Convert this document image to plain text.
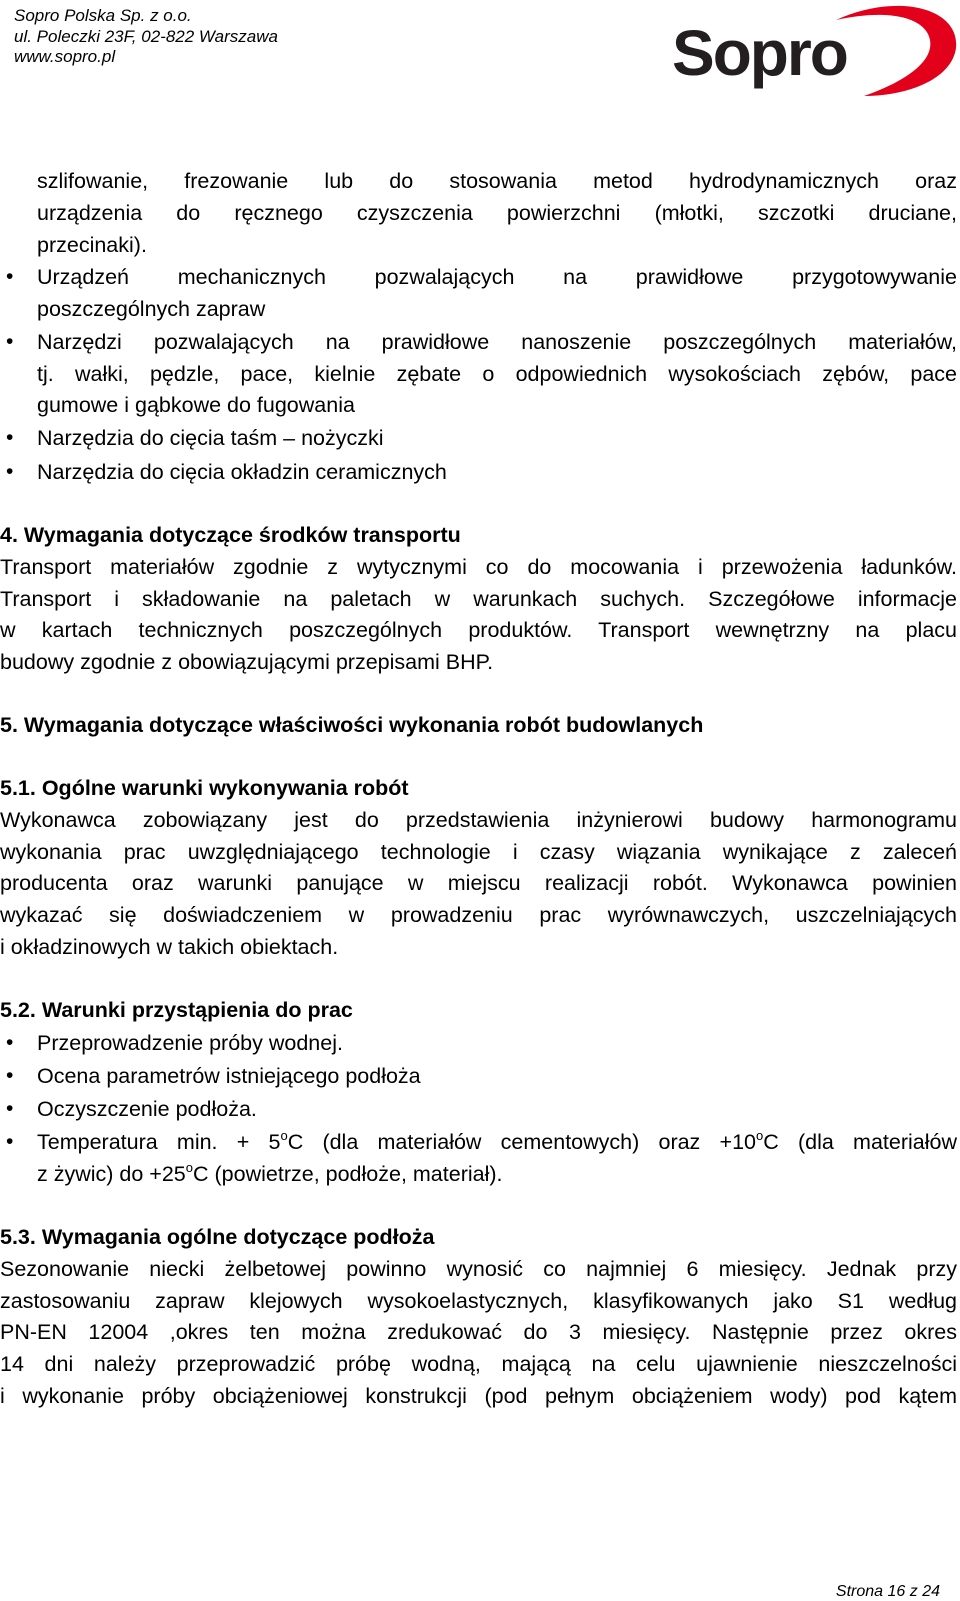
Sopro Polska Sp. z o.o.
ul. Poleczki 23F, 02-822 Warszawa
www.sopro.pl	Sopro
szlifowanie, frezowanie lub do stosowania metod hydrodynamicznych oraz
urządzenia do ręcznego czyszczenia powierzchni (młotki, szczotki druciane,
przecinaki).
• Urządzeń mechanicznych pozwalających na prawidłowe przygotowywanie
poszczególnych zapraw
• Narzędzi pozwalających na prawidłowe nanoszenie poszczególnych materiałów,
tj. wałki, pędzle, pace, kielnie zębate o odpowiednich wysokościach zębów, pace
gumowe i gąbkowe do fugowania
• Narzędzia do cięcia taśm – nożyczki
• Narzędzia do cięcia okładzin ceramicznych
4. Wymagania dotyczące środków transportu
Transport materiałów zgodnie z wytycznymi co do mocowania i przewożenia ładunków.
Transport i składowanie na paletach w warunkach suchych. Szczegółowe informacje
w kartach technicznych poszczególnych produktów. Transport wewnętrzny na placu
budowy zgodnie z obowiązującymi przepisami BHP.
5. Wymagania dotyczące właściwości wykonania robót budowlanych
5.1. Ogólne warunki wykonywania robót
Wykonawca zobowiązany jest do przedstawienia inżynierowi budowy harmonogramu
wykonania prac uwzględniającego technologie i czasy wiązania wynikające z zaleceń
producenta oraz warunki panujące w miejscu realizacji robót. Wykonawca powinien
wykazać się doświadczeniem w prowadzeniu prac wyrównawczych, uszczelniających
i okładzinowych w takich obiektach.
5.2. Warunki przystąpienia do prac
• Przeprowadzenie próby wodnej.
• Ocena parametrów istniejącego podłoża
• Oczyszczenie podłoża.
• Temperatura min. + $5^oC$ (dla materiałów cementowych) oraz $+10^oC$ (dla materiałów
z żywic) do $+25^oC$ (powietrze, podłoże, materiał).
5.3. Wymagania ogólne dotyczące podłoża
Sezonowanie niecki żelbetowej powinno wynosić co najmniej 6 miesięcy. Jednak przy
zastosowaniu zapraw klejowych wysokoelastycznych, klasyfikowanych jako S1 według
PN-EN 12004 ,okres ten można zredukować do 3 miesięcy. Następnie przez okres
14 dni należy przeprowadzić próbę wodną, mającą na celu ujawnienie nieszczelności
i wykonanie próby obciążeniowej konstrukcji (pod pełnym obciążeniem wody) pod kątem
Strona 16 z 24
